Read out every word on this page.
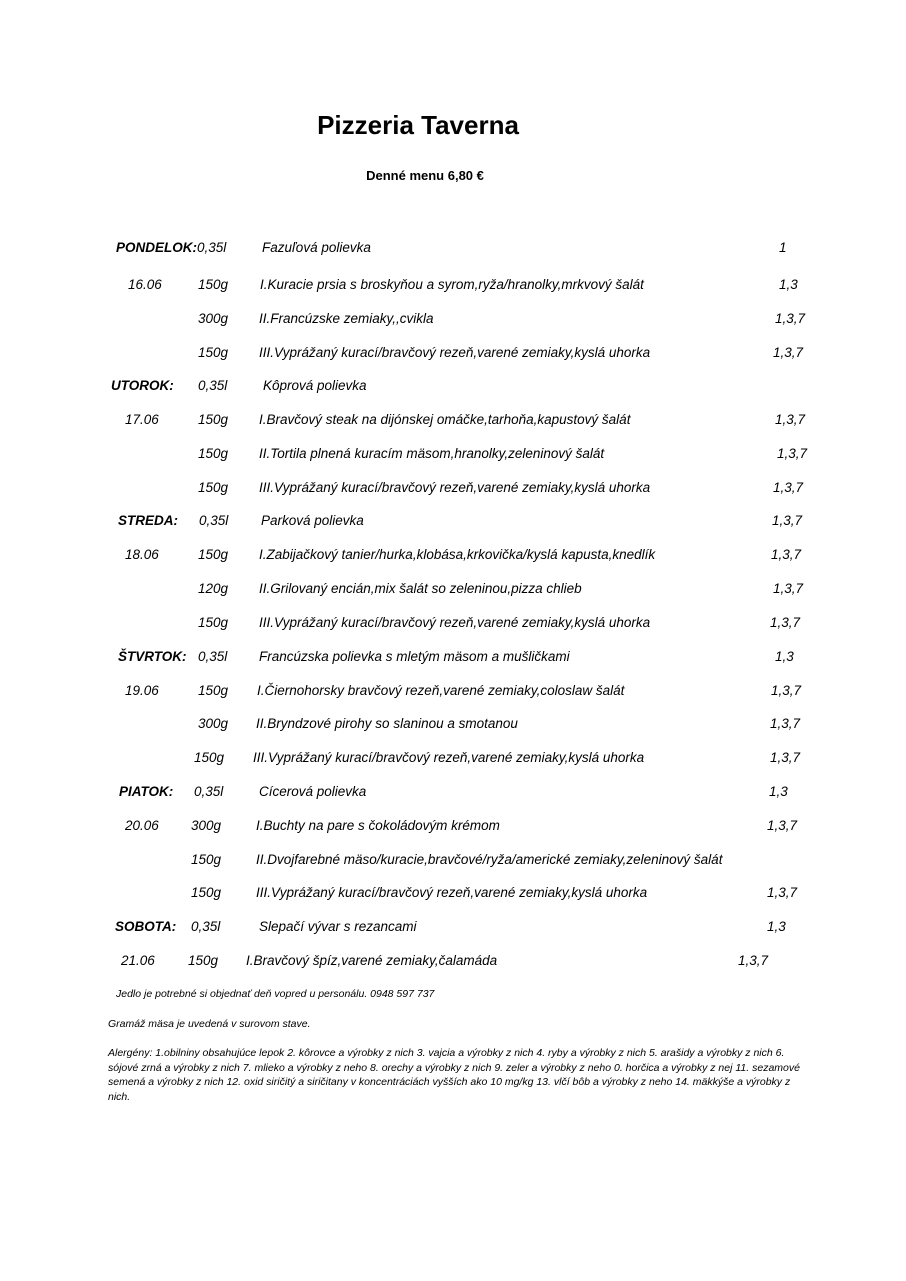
Pizzeria Taverna
Denné menu 6,80 €
PONDELOK: 0,35l	Fazuľová polievka	1
16.06	150g I.Kuracie prsia s broskyňou a syrom,ryža/hranolky,mrkvový šalát	1,3
300g II.Francúzske zemiaky,,cvikla	1,3,7
150g III.Vyprážaný kurací/bravčový rezeň,varené zemiaky,kyslá uhorka	1,3,7
UTOROK: 0,35l	Kôprová polievka
17.06	150g I.Bravčový steak na dijónskej omáčke,tarhoňa,kapustový šalát	1,3,7
150g II.Tortila plnená kuracím mäsom,hranolky,zeleninový šalát	1,3,7
150g III.Vyprážaný kurací/bravčový rezeň,varené zemiaky,kyslá uhorka	1,3,7
STREDA: 0,35l Parková polievka	1,3,7
18.06	150g I.Zabijačkový tanier/hurka,klobása,krkovička/kyslá kapusta,knedlík	1,3,7
120g II.Grilovaný encián,mix šalát so zeleninou,pizza chlieb	1,3,7
150g III.Vyprážaný kurací/bravčový rezeň,varené zemiaky,kyslá uhorka	1,3,7
ŠTVRTOK: 0,35l Francúzska polievka s mletým mäsom a mušličkami	1,3
19.06	150g I.Čiernohorsky bravčový rezeň,varené zemiaky,coloslaw šalát	1,3,7
300g II.Bryndzové pirohy so slaninou a smotanou	1,3,7
150g III.Vyprážaný kurací/bravčový rezeň,varené zemiaky,kyslá uhorka	1,3,7
PIATOK: 0,35l	Cícerová polievka	1,3
20.06 300g	I.Buchty na pare s čokoládovým krémom	1,3,7
150g	II.Dvojfarebné mäso/kuracie,bravčové/ryža/americké zemiaky,zeleninový šalát
150g	III.Vyprážaný kurací/bravčový rezeň,varené zemiaky,kyslá uhorka	1,3,7
SOBOTA: 0,35l	Slepačí vývar s rezancami	1,3
21.06 150g I.Bravčový špíz,varené zemiaky,čalamáda	1,3,7
Jedlo je potrebné si objednať deň vopred u personálu. 0948 597 737
Gramáž mäsa je uvedená v surovom stave.
Alergény: 1.obilniny obsahujúce lepok 2. kôrovce a výrobky z nich 3. vajcia a výrobky z nich 4. ryby a výrobky z nich 5. arašidy a výrobky z nich 6. sójové zrná a výrobky z nich 7. mlieko a výrobky z neho 8. orechy a výrobky z nich 9. zeler a výrobky z neho 0. horčica a výrobky z nej 11. sezamové semená a výrobky z nich 12. oxid siričitý a siričitany v koncentráciách vyšších ako 10 mg/kg 13. vlčí bôb a výrobky z neho 14. mäkkýše a výrobky z nich.
